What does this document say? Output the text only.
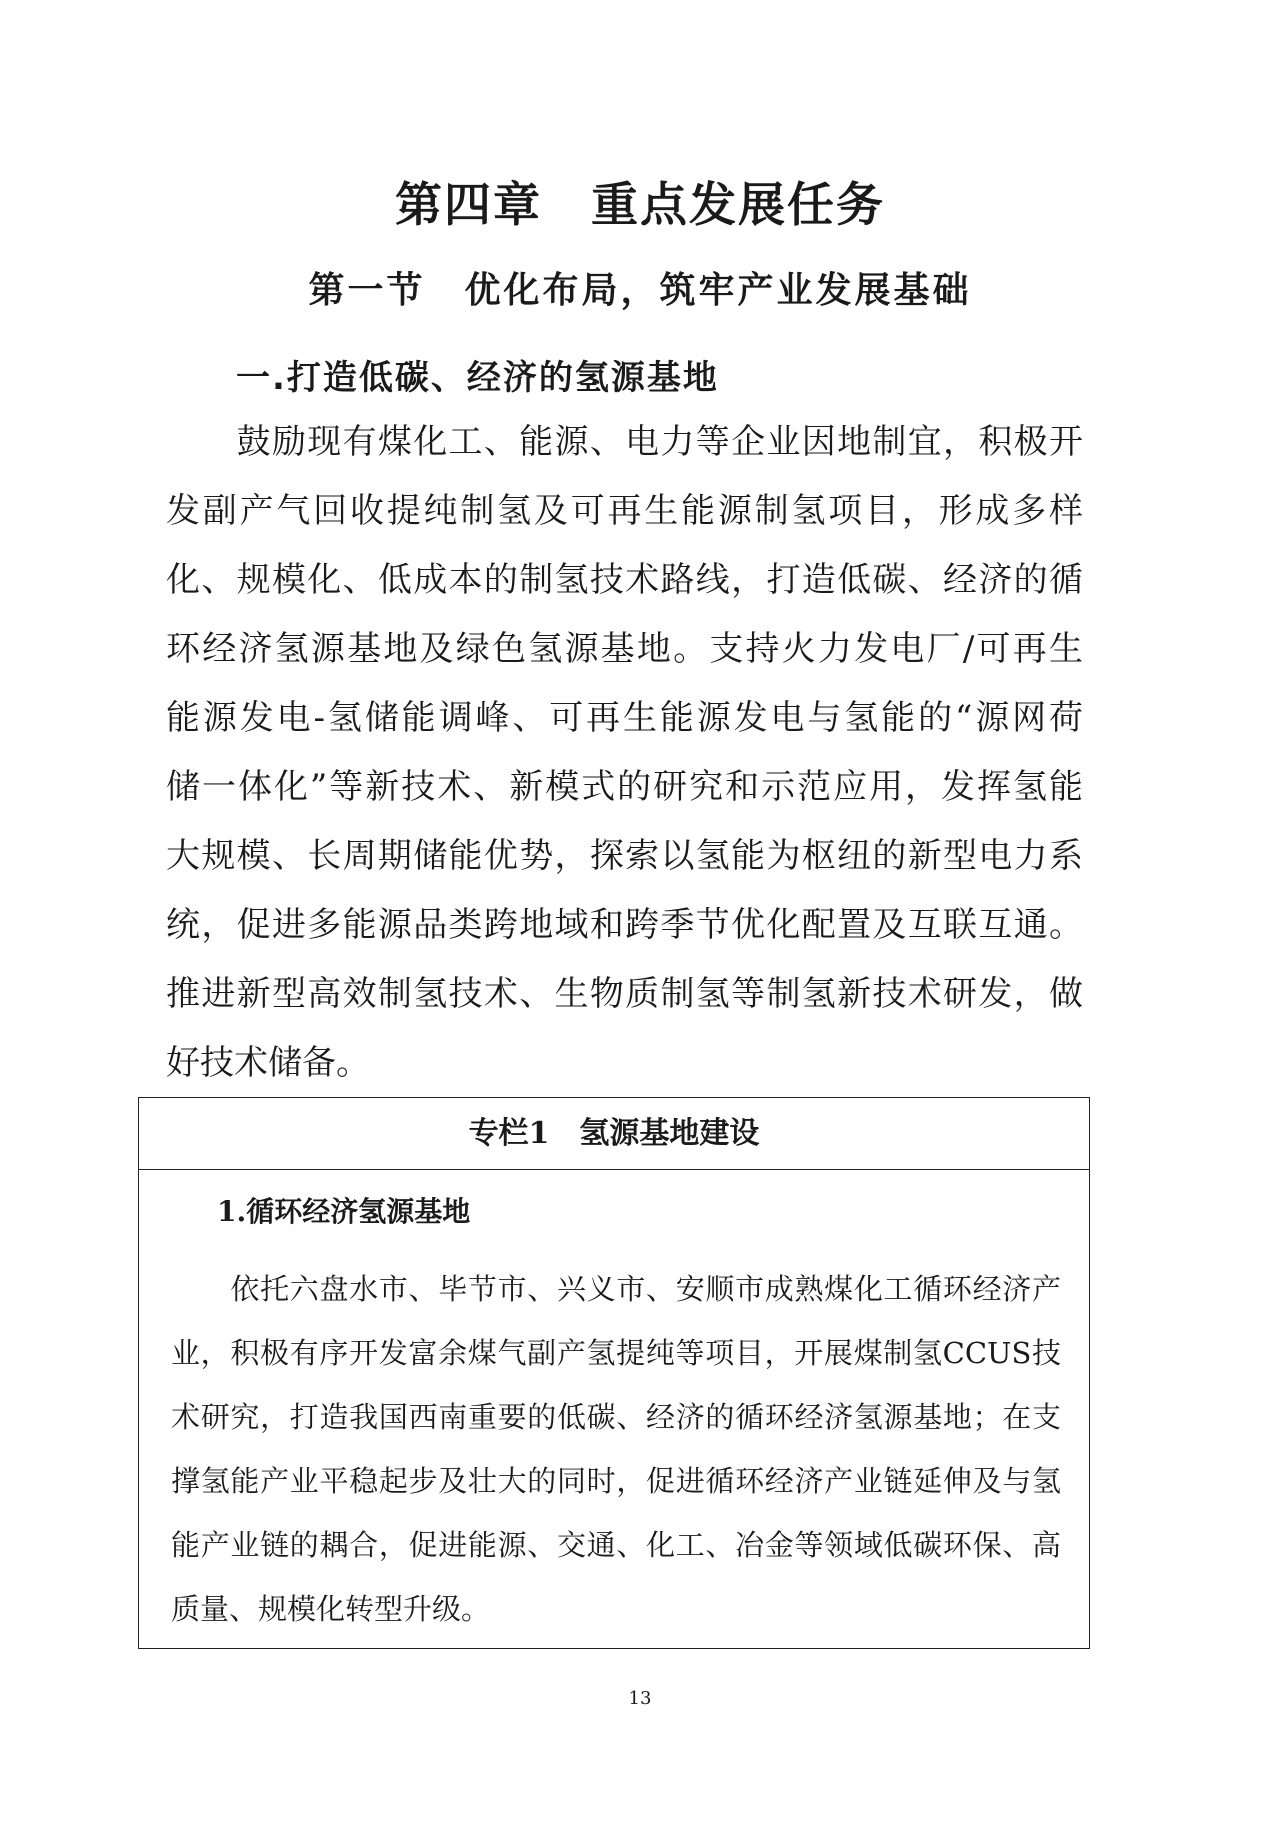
第四章　重点发展任务
第一节　优化布局，筑牢产业发展基础
一.打造低碳、经济的氢源基地
　　鼓励现有煤化工、能源、电力等企业因地制宜，积极开
发副产气回收提纯制氢及可再生能源制氢项目，形成多样
化、规模化、低成本的制氢技术路线，打造低碳、经济的循
环经济氢源基地及绿色氢源基地。支持火力发电厂/可再生
能源发电-氢储能调峰、可再生能源发电与氢能的“源网荷
储一体化”等新技术、新模式的研究和示范应用，发挥氢能
大规模、长周期储能优势，探索以氢能为枢纽的新型电力系
统，促进多能源品类跨地域和跨季节优化配置及互联互通。
推进新型高效制氢技术、生物质制氢等制氢新技术研发，做
好技术储备。
专栏1　氢源基地建设
1.循环经济氢源基地
　　依托六盘水市、毕节市、兴义市、安顺市成熟煤化工循环经济产
业，积极有序开发富余煤气副产氢提纯等项目，开展煤制氢CCUS技
术研究，打造我国西南重要的低碳、经济的循环经济氢源基地；在支
撑氢能产业平稳起步及壮大的同时，促进循环经济产业链延伸及与氢
能产业链的耦合，促进能源、交通、化工、冶金等领域低碳环保、高
质量、规模化转型升级。
13
